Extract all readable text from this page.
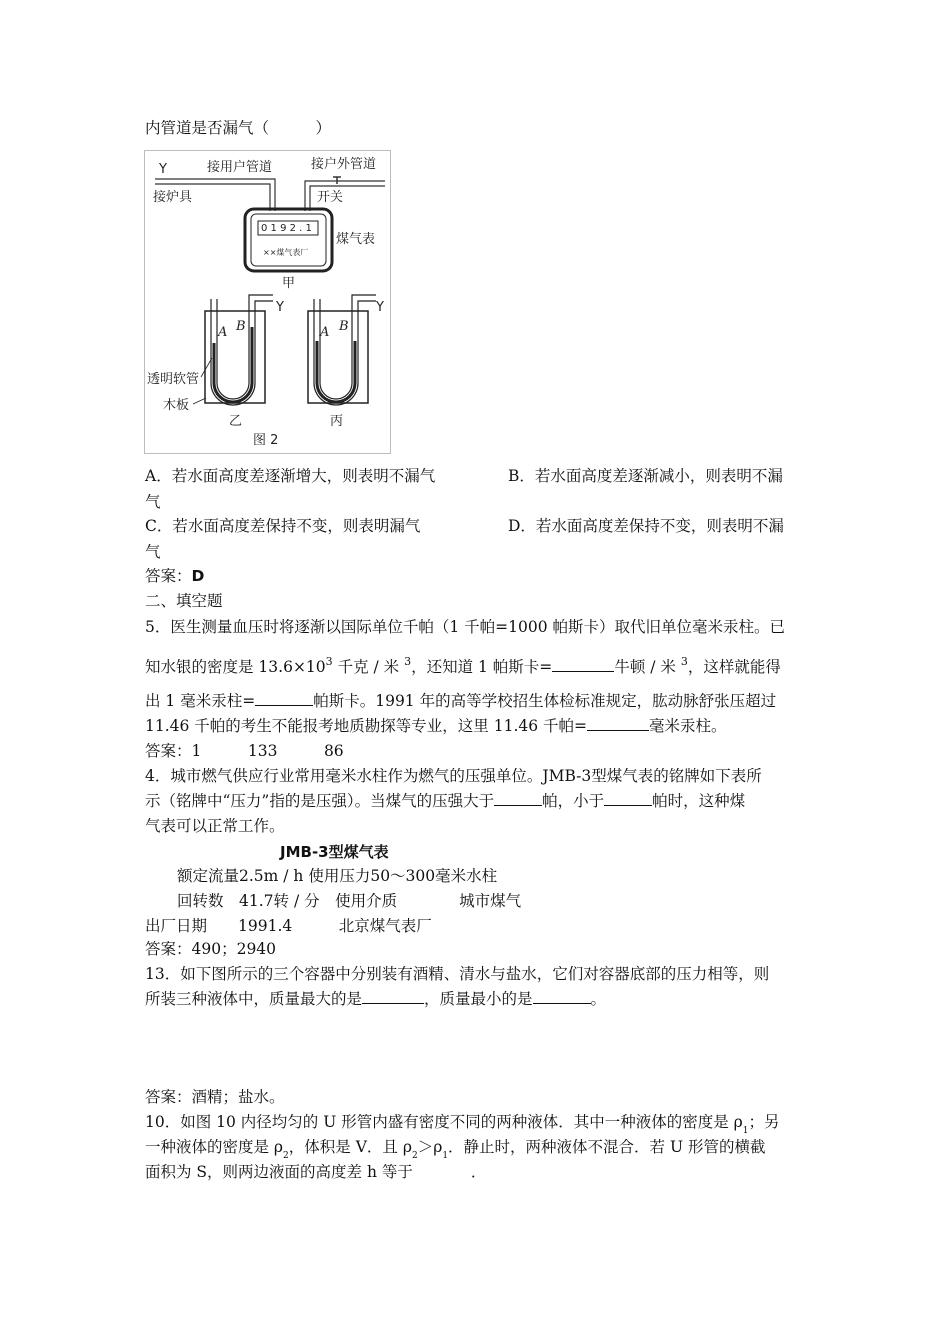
内管道是否漏气（　　　）
Y	接用户管道
接炉具
接户外管道
开关
0 1 9 2 . 1
××煤气表厂
煤气表
甲
A B
Y
A B
Y
透明软管
木板
乙	丙
图 2
A．若水面高度差逐渐增大，则表明不漏气	B．若水面高度差逐渐减小，则表明不漏
气
C．若水面高度差保持不变，则表明漏气	D．若水面高度差保持不变，则表明不漏
气
答案：D
二、填空题
5．医生测量血压时将逐渐以国际单位千帕（1 千帕=1000 帕斯卡）取代旧单位毫米汞柱。已
知水银的密度是 $13.6\times 10^3$ 千克 / 米 $^3$，还知道 1 帕斯卡=	牛顿 / 米 $^3$，这样就能得
出 1 毫米汞柱=	帕斯卡。1991 年的高等学校招生体检标准规定，肱动脉舒张压超过
11.46 千帕的考生不能报考地质勘探等专业，这里 11.46 千帕=	毫米汞柱。
答案：1　　　133　　　86
4．城市燃气供应行业常用毫米水柱作为燃气的压强单位。JMB-3型煤气表的铭牌如下表所
示（铭牌中“压力”指的是压强）。当煤气的压强大于	帕，小于	帕时，这种煤
气表可以正常工作。
JMB-3型煤气表
额定流量2.5m / h 使用压力50～300毫米水柱
回转数　41.7转 / 分　使用介质　　　　城市煤气
出厂日期　　1991.4　　　北京煤气表厂
答案：490；2940
13．如下图所示的三个容器中分别装有酒精、清水与盐水，它们对容器底部的压力相等，则
所装三种液体中，质量最大的是	，质量最小的是	。
答案：酒精；盐水。
10．如图 10 内径均匀的 U 形管内盛有密度不同的两种液体．其中一种液体的密度是 $\rho_1$；另
一种液体的密度是 $\rho_2$，体积是 V．且 $\rho_2>\rho_1$．静止时，两种液体不混合．若 U 形管的横截
面积为 S，则两边液面的高度差 h 等于	．
